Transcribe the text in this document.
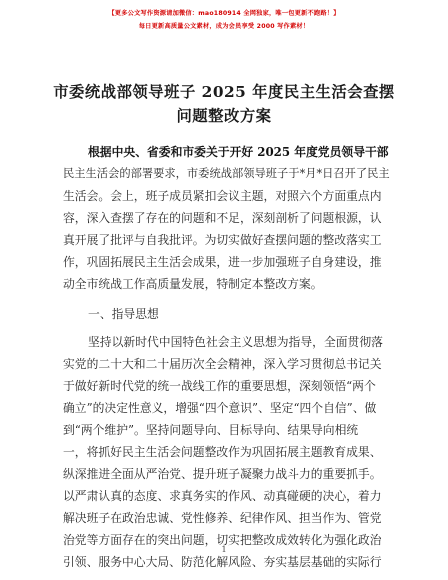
【更多公文写作资源请加微信：mao180914 全网独家，唯一包更新不跑路！】
每日更新高质量公文素材，成为会员享受 2000 写作素材！
市委统战部领导班子 2025 年度民主生活会查摆
问题整改方案
根据中央、省委和市委关于开好 2025 年度党员领导干部
民主生活会的部署要求，市委统战部领导班子于*月*日召开了民主
生活会。会上，班子成员紧扣会议主题，对照六个方面重点内
容，深入查摆了存在的问题和不足，深刻剖析了问题根源，认
真开展了批评与自我批评。为切实做好查摆问题的整改落实工
作，巩固拓展民主生活会成果，进一步加强班子自身建设，推
动全市统战工作高质量发展，特制定本整改方案。
一、指导思想
坚持以新时代中国特色社会主义思想为指导，全面贯彻落
实党的二十大和二十届历次全会精神，深入学习贯彻总书记关
于做好新时代党的统一战线工作的重要思想，深刻领悟“两个
确立”的决定性意义，增强“四个意识”、坚定“四个自信”、做
到“两个维护”。坚持问题导向、目标导向、结果导向相统
一，将抓好民主生活会问题整改作为巩固拓展主题教育成果、
纵深推进全面从严治党、提升班子凝聚力战斗力的重要抓手。
以严肃认真的态度、求真务实的作风、动真碰硬的决心，着力
解决班子在政治忠诚、党性修养、纪律作风、担当作为、管党
治党等方面存在的突出问题，切实把整改成效转化为强化政治
引领、服务中心大局、防范化解风险、夯实基层基础的实际行
1
